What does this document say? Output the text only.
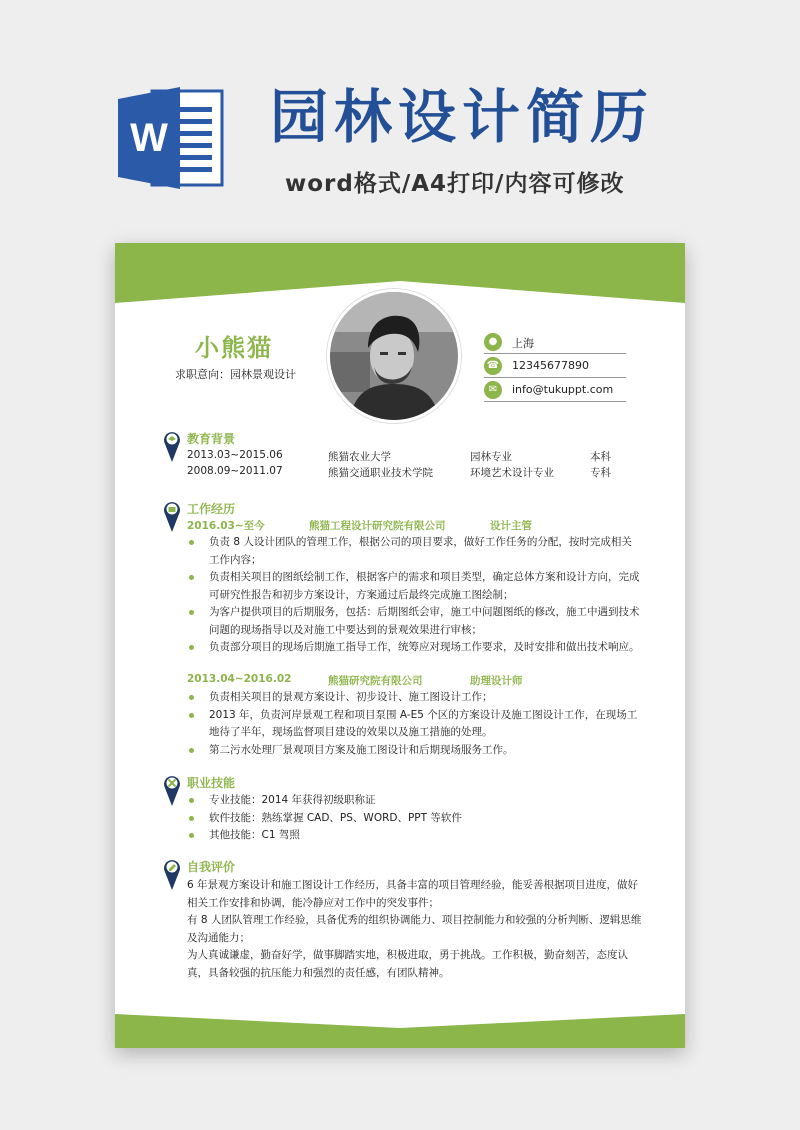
W 园林设计简历
word格式/A4打印/内容可修改
小熊猫
求职意向：园林景观设计
●	上海
☎ 12345677890
✉	info@tukuppt.com
教育背景
2013.03~2015.06	熊猫农业大学	园林专业	本科
2008.09~2011.07	熊猫交通职业技术学院	环境艺术设计专业	专科
工作经历
2016.03~至今	熊猫工程设计研究院有限公司	设计主管
负责 8 人设计团队的管理工作，根据公司的项目要求，做好工作任务的分配，按时完成相关工作内容；
负责相关项目的图纸绘制工作，根据客户的需求和项目类型，确定总体方案和设计方向，完成可研究性报告和初步方案设计，方案通过后最终完成施工图绘制；
为客户提供项目的后期服务，包括：后期图纸会审，施工中问题图纸的修改，施工中遇到技术问题的现场指导以及对施工中要达到的景观效果进行审核；
负责部分项目的现场后期施工指导工作，统筹应对现场工作要求，及时安排和做出技术响应。
2013.04~2016.02	熊猫研究院有限公司	助理设计师
负责相关项目的景观方案设计、初步设计、施工图设计工作；
2013 年，负责河岸景观工程和项目泵围 A-E5 个区的方案设计及施工图设计工作，在现场工地待了半年，现场监督项目建设的效果以及施工措施的处理。
第二污水处理厂景观项目方案及施工图设计和后期现场服务工作。
职业技能
专业技能：2014 年获得初级职称证
软件技能：熟练掌握 CAD、PS、WORD、PPT 等软件
其他技能：C1 驾照
自我评价

6 年景观方案设计和施工图设计工作经历，具备丰富的项目管理经验，能妥善根据项目进度，做好相关工作安排和协调，能冷静应对工作中的突发事件；

有 8 人团队管理工作经验，具备优秀的组织协调能力、项目控制能力和较强的分析判断、逻辑思维及沟通能力；

为人真诚谦虚，勤奋好学，做事脚踏实地，积极进取，勇于挑战。工作积极，勤奋刻苦，态度认真，具备较强的抗压能力和强烈的责任感，有团队精神。
